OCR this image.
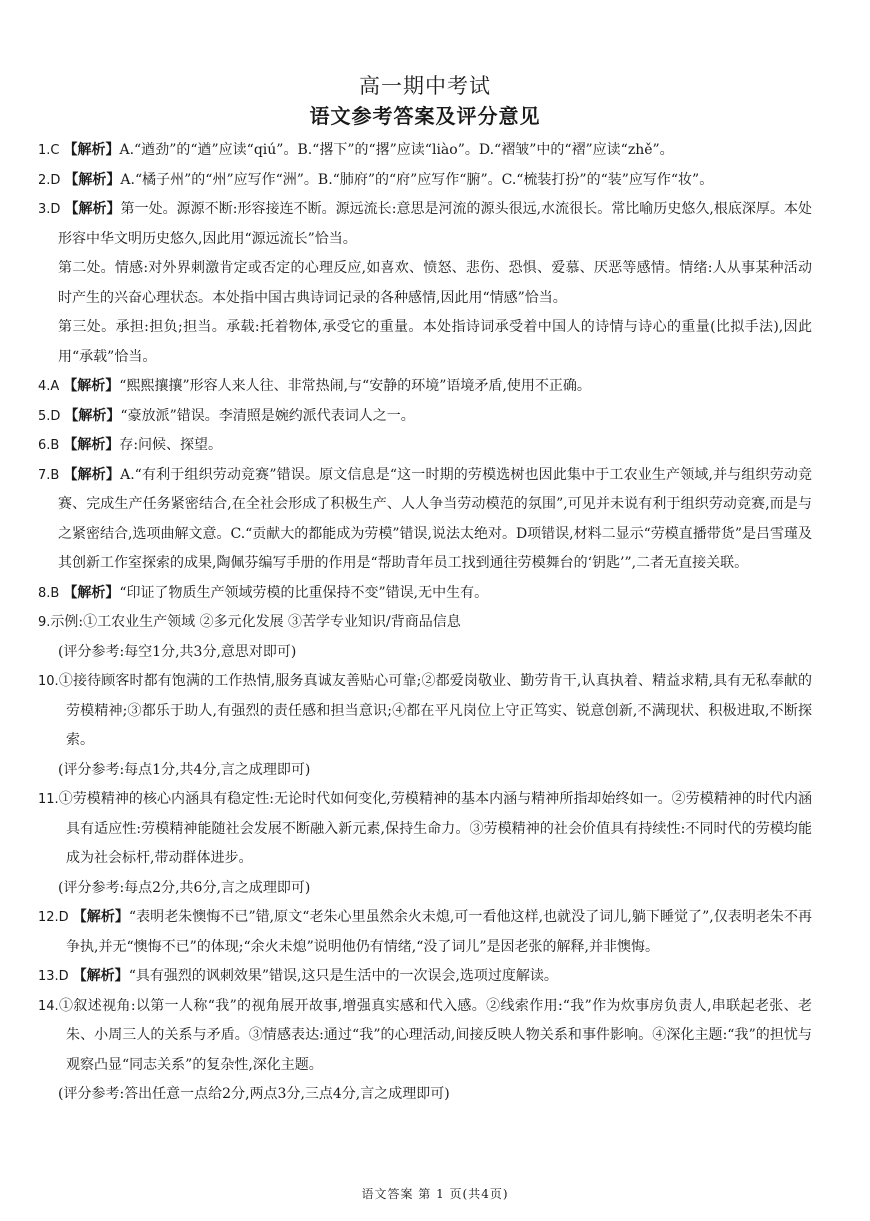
高一期中考试
语文参考答案及评分意见

1.C 【解析】A.“遒劲”的“遒”应读“qiú”。B.“撂下”的“撂”应读“liào”。D.“褶皱”中的“褶”应读“zhě”。

2.D 【解析】A.“橘子州”的“州”应写作“洲”。B.“肺府”的“府”应写作“腑”。C.“梳装打扮”的“装”应写作“妆”。

3.D 【解析】第一处。源源不断:形容接连不断。源远流长:意思是河流的源头很远,水流很长。常比喻历史悠久,根底深厚。本处形容中华文明历史悠久,因此用“源远流长”恰当。

第二处。情感:对外界刺激肯定或否定的心理反应,如喜欢、愤怒、悲伤、恐惧、爱慕、厌恶等感情。情绪:人从事某种活动时产生的兴奋心理状态。本处指中国古典诗词记录的各种感情,因此用“情感”恰当。

第三处。承担:担负;担当。承载:托着物体,承受它的重量。本处指诗词承受着中国人的诗情与诗心的重量(比拟手法),因此用“承载”恰当。

4.A 【解析】“熙熙攘攘”形容人来人往、非常热闹,与“安静的环境”语境矛盾,使用不正确。

5.D 【解析】“豪放派”错误。李清照是婉约派代表词人之一。

6.B 【解析】存:问候、探望。

7.B 【解析】A.“有利于组织劳动竞赛”错误。原文信息是“这一时期的劳模选树也因此集中于工农业生产领域,并与组织劳动竞赛、完成生产任务紧密结合,在全社会形成了积极生产、人人争当劳动模范的氛围”,可见并未说有利于组织劳动竞赛,而是与之紧密结合,选项曲解文意。C.“贡献大的都能成为劳模”错误,说法太绝对。D项错误,材料二显示“劳模直播带货”是吕雪瑾及其创新工作室探索的成果,陶佩芬编写手册的作用是“帮助青年员工找到通往劳模舞台的‘钥匙’”,二者无直接关联。

8.B 【解析】“印证了物质生产领域劳模的比重保持不变”错误,无中生有。

9.示例:①工农业生产领域 ②多元化发展 ③苦学专业知识/背商品信息

(评分参考:每空1分,共3分,意思对即可)

10.①接待顾客时都有饱满的工作热情,服务真诚友善贴心可靠;②都爱岗敬业、勤劳肯干,认真执着、精益求精,具有无私奉献的劳模精神;③都乐于助人,有强烈的责任感和担当意识;④都在平凡岗位上守正笃实、锐意创新,不满现状、积极进取,不断探索。

(评分参考:每点1分,共4分,言之成理即可)

11.①劳模精神的核心内涵具有稳定性:无论时代如何变化,劳模精神的基本内涵与精神所指却始终如一。②劳模精神的时代内涵具有适应性:劳模精神能随社会发展不断融入新元素,保持生命力。③劳模精神的社会价值具有持续性:不同时代的劳模均能成为社会标杆,带动群体进步。

(评分参考:每点2分,共6分,言之成理即可)

12.D 【解析】“表明老朱懊悔不已”错,原文“老朱心里虽然余火未熄,可一看他这样,也就没了词儿,躺下睡觉了”,仅表明老朱不再争执,并无“懊悔不已”的体现;“余火未熄”说明他仍有情绪,“没了词儿”是因老张的解释,并非懊悔。

13.D 【解析】“具有强烈的讽刺效果”错误,这只是生活中的一次误会,选项过度解读。

14.①叙述视角:以第一人称“我”的视角展开故事,增强真实感和代入感。②线索作用:“我”作为炊事房负责人,串联起老张、老朱、小周三人的关系与矛盾。③情感表达:通过“我”的心理活动,间接反映人物关系和事件影响。④深化主题:“我”的担忧与观察凸显“同志关系”的复杂性,深化主题。

(评分参考:答出任意一点给2分,两点3分,三点4分,言之成理即可)

语文答案 第 1 页(共4页)
